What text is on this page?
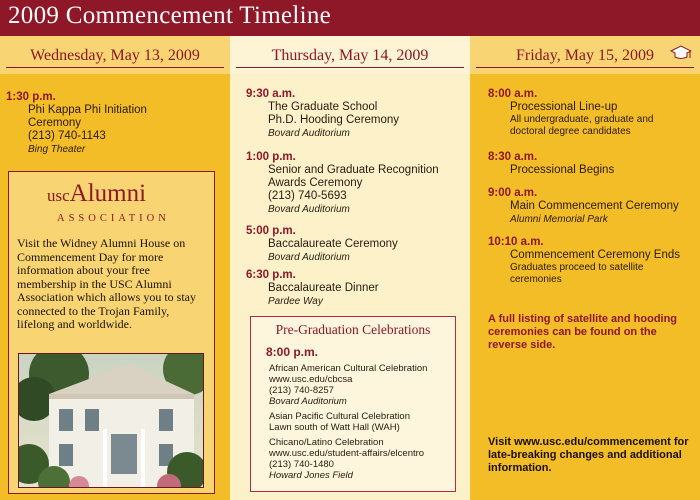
2009 Commencement Timeline
Wednesday, May 13, 2009
1:30 p.m.
Phi Kappa Phi Initiation
Ceremony
(213) 740-1143
Bing Theater
uscAlumni
ASSOCIATION
Visit the Widney Alumni House on Commencement Day for more information about your free membership in the USC Alumni Association which allows you to stay connected to the Trojan Family, lifelong and worldwide.
Thursday, May 14, 2009
9:30 a.m.
The Graduate School
Ph.D. Hooding Ceremony
Bovard Auditorium
1:00 p.m.
Senior and Graduate Recognition
Awards Ceremony
(213) 740-5693
Bovard Auditorium
5:00 p.m.
Baccalaureate Ceremony
Bovard Auditorium
6:30 p.m.
Baccalaureate Dinner
Pardee Way
Pre-Graduation Celebrations
8:00 p.m.
African American Cultural Celebration
www.usc.edu/cbcsa
(213) 740-8257
Bovard Auditorium
Asian Pacific Cultural Celebration
Lawn south of Watt Hall (WAH)
Chicano/Latino Celebration
www.usc.edu/student-affairs/elcentro
(213) 740-1480
Howard Jones Field
Friday, May 15, 2009
8:00 a.m.
Processional Line-up
All undergraduate, graduate and doctoral degree candidates
8:30 a.m.
Processional Begins
9:00 a.m.
Main Commencement Ceremony
Alumni Memorial Park
10:10 a.m.
Commencement Ceremony Ends
Graduates proceed to satellite ceremonies
A full listing of satellite and hooding ceremonies can be found on the reverse side.
Visit www.usc.edu/commencement for late-breaking changes and additional information.
